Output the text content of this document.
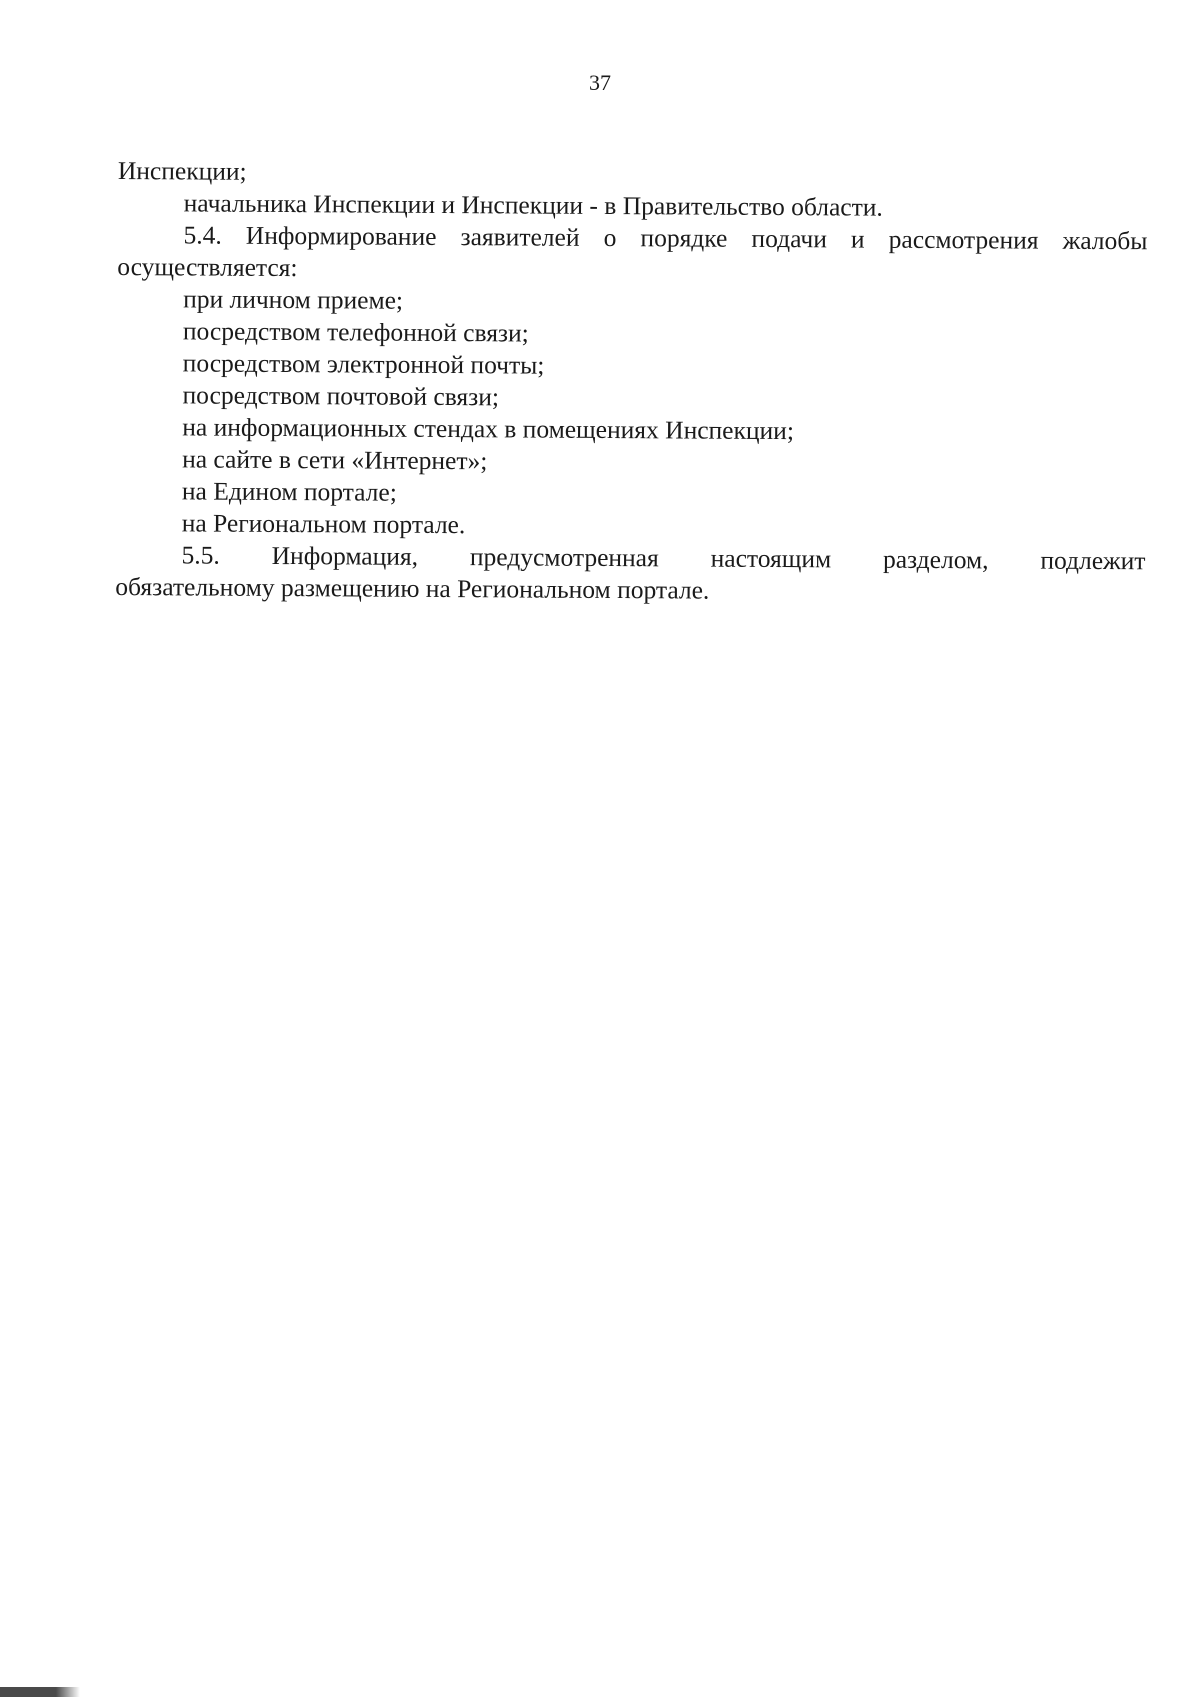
37
Инспекции;
начальника Инспекции и Инспекции - в Правительство области.
5.4. Информирование заявителей о порядке подачи и рассмотрения жалобы
осуществляется:
при личном приеме;
посредством телефонной связи;
посредством электронной почты;
посредством почтовой связи;
на информационных стендах в помещениях Инспекции;
на сайте в сети «Интернет»;
на Едином портале;
на Региональном портале.
5.5. Информация, предусмотренная настоящим разделом, подлежит
обязательному размещению на Региональном портале.
